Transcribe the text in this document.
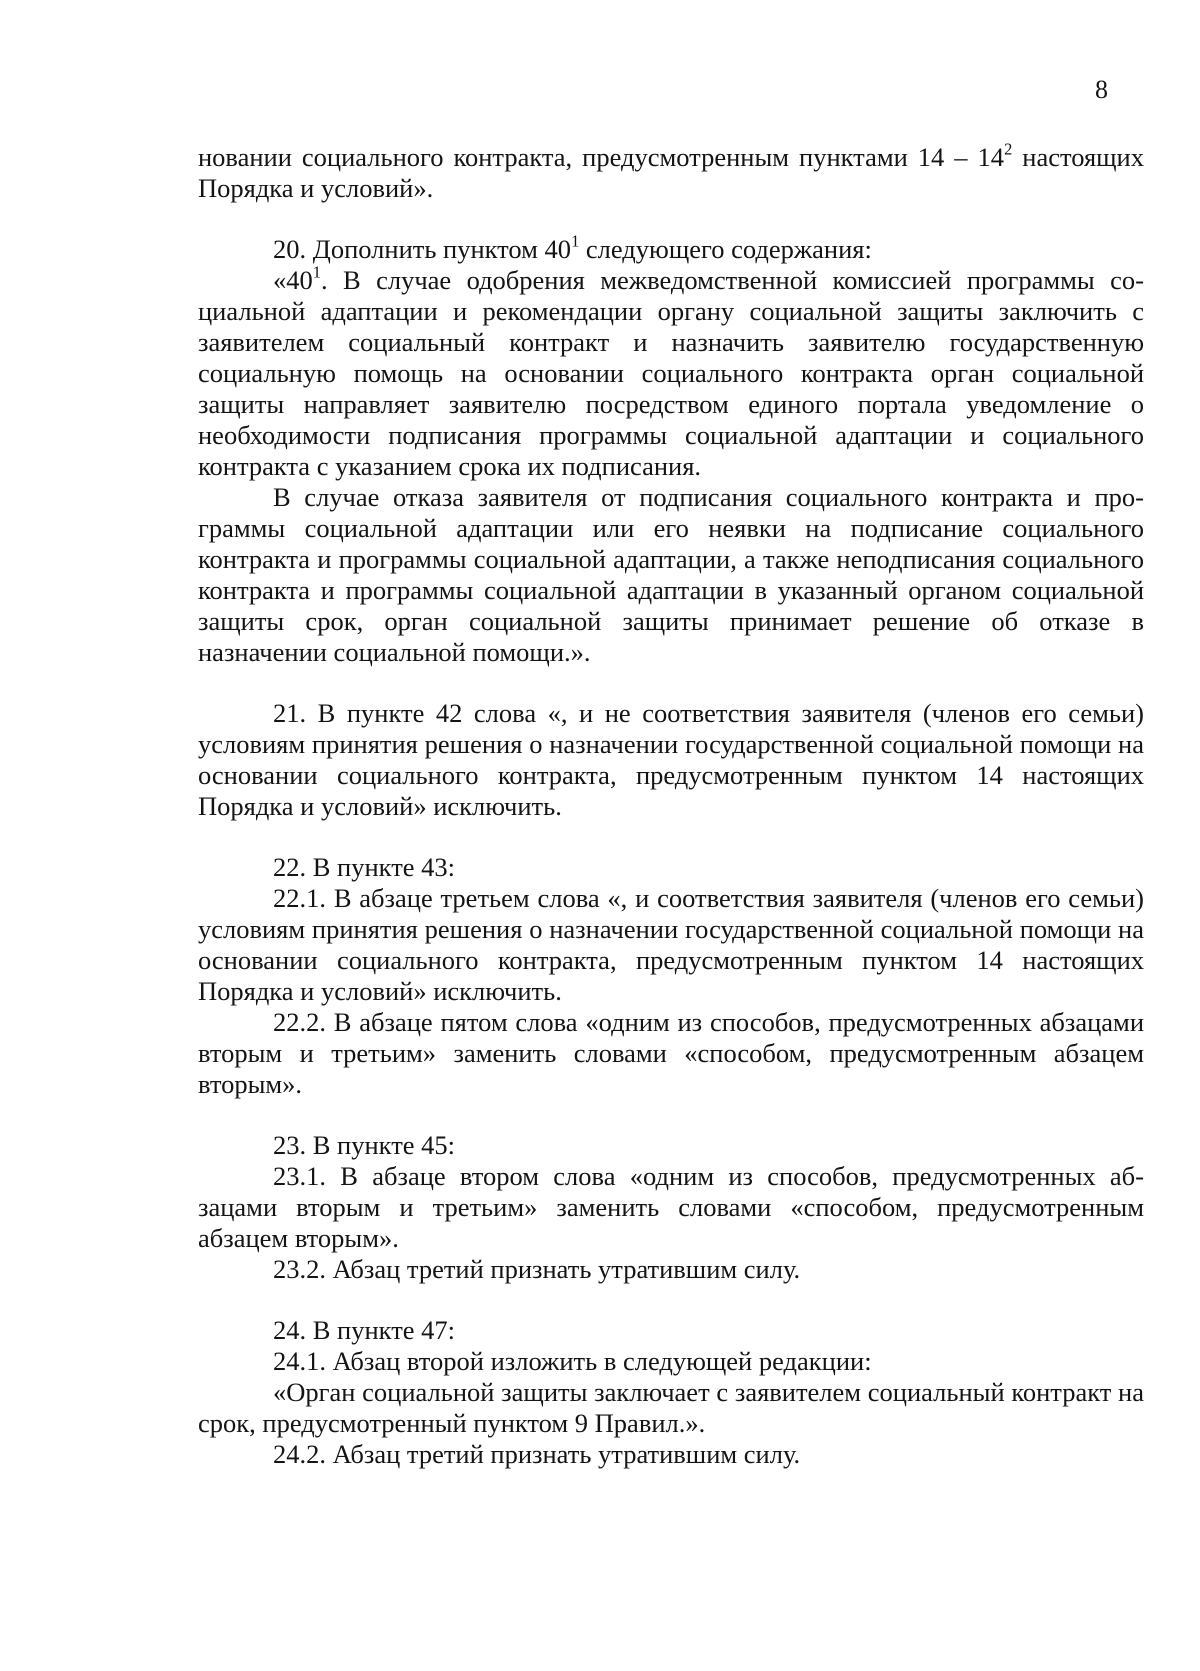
8

новании социального контракта, предусмотренным пунктами $14 - 14^2$ настоящих Порядка и условий».

20. Дополнить пунктом $40^1$ следующего содержания:

«$40^1$. В случае одобрения межведомственной комиссией программы социальной адаптации и рекомендации органу социальной защиты заключить с заявителем социальный контракт и назначить заявителю государственную социальную помощь на основании социального контракта орган социальной защиты направляет заявителю посредством единого портала уведомление о необходимости подписания программы социальной адаптации и социального контракта с указанием срока их подписания.

В случае отказа заявителя от подписания социального контракта и программы социальной адаптации или его неявки на подписание социального контракта и программы социальной адаптации, а также неподписания социального контракта и программы социальной адаптации в указанный органом социальной защиты срок, орган социальной защиты принимает решение об отказе в назначении социальной помощи.».

21. В пункте 42 слова «, и не соответствия заявителя (членов его семьи) условиям принятия решения о назначении государственной социальной помощи на основании социального контракта, предусмотренным пунктом 14 настоящих Порядка и условий» исключить.

22. В пункте 43:

22.1. В абзаце третьем слова «, и соответствия заявителя (членов его семьи) условиям принятия решения о назначении государственной социальной помощи на основании социального контракта, предусмотренным пунктом 14 настоящих Порядка и условий» исключить.

22.2. В абзаце пятом слова «одним из способов, предусмотренных абзацами вторым и третьим» заменить словами «способом, предусмотренным абзацем вторым».

23. В пункте 45:

23.1. В абзаце втором слова «одним из способов, предусмотренных абзацами вторым и третьим» заменить словами «способом, предусмотренным абзацем вторым».

23.2. Абзац третий признать утратившим силу.

24. В пункте 47:

24.1. Абзац второй изложить в следующей редакции:

«Орган социальной защиты заключает с заявителем социальный контракт на срок, предусмотренный пунктом 9 Правил.».

24.2. Абзац третий признать утратившим силу.
